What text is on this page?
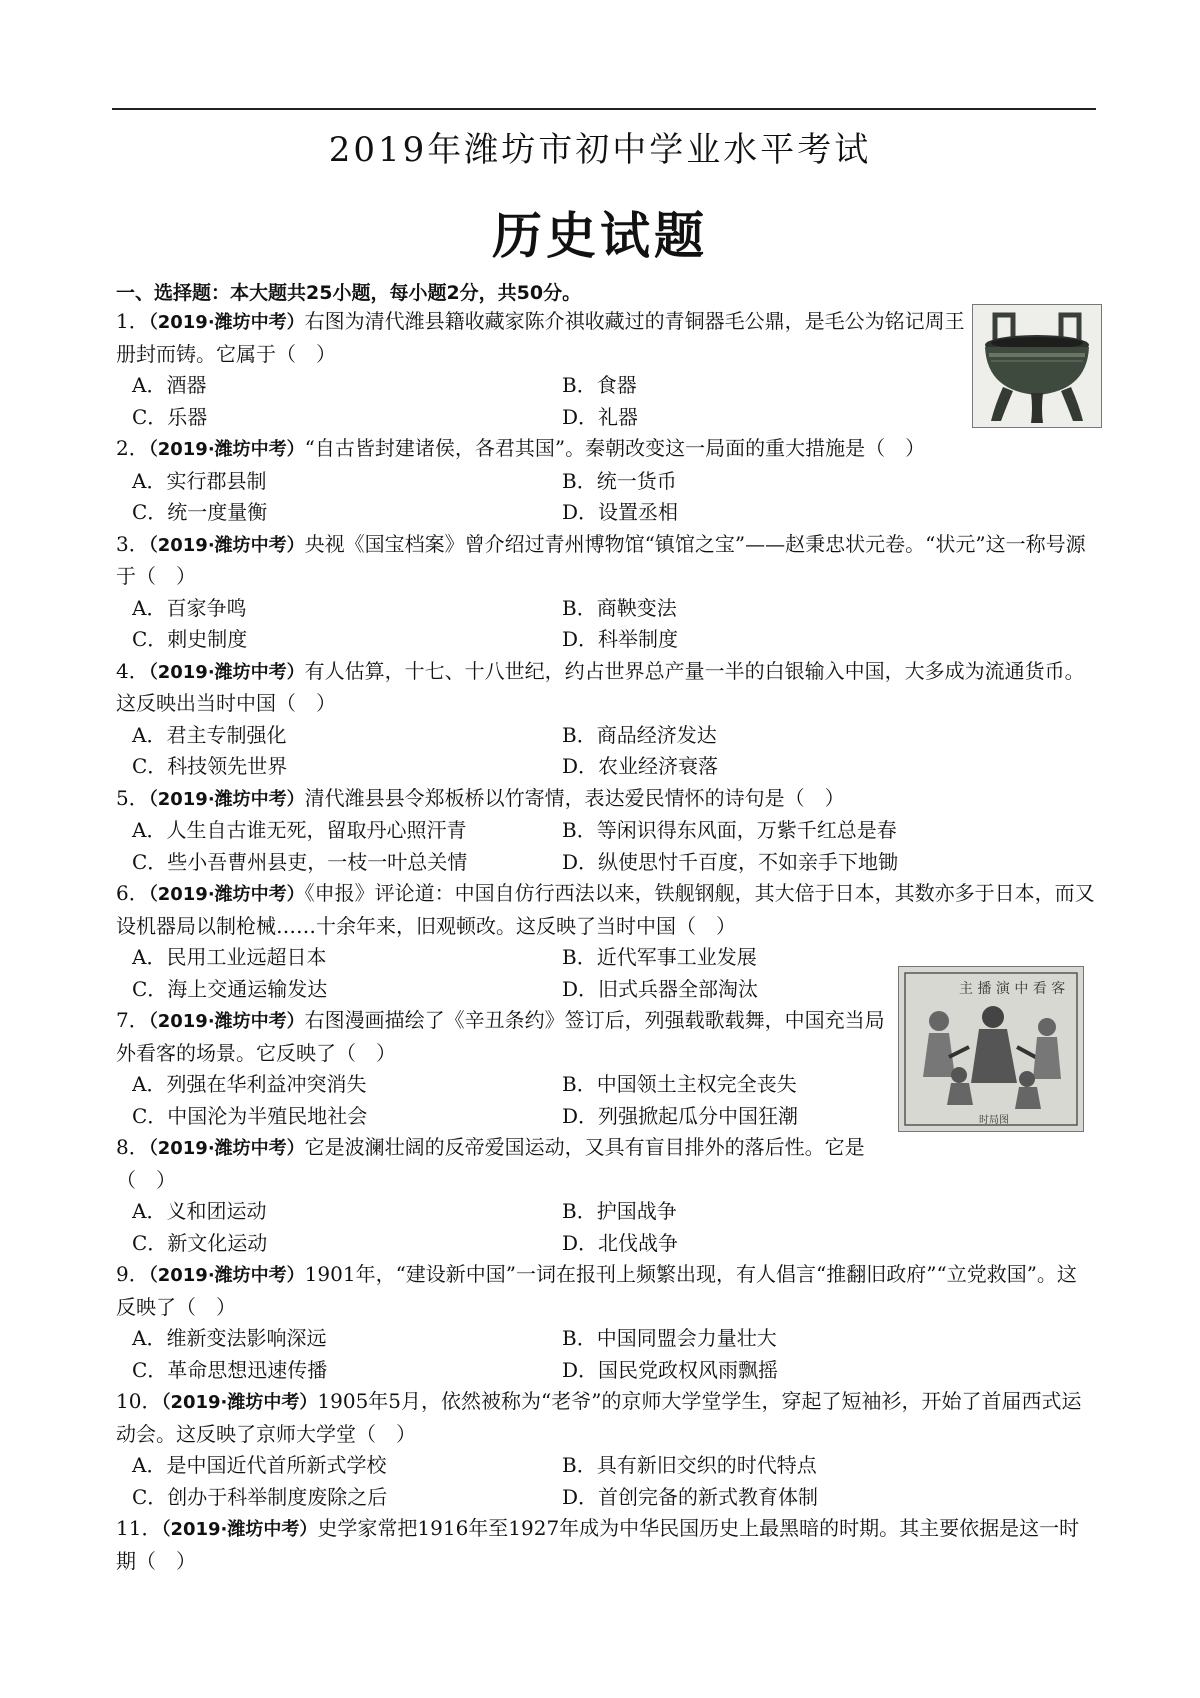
2019年潍坊市初中学业水平考试
历史试题
一、选择题：本大题共25小题，每小题2分，共50分。
主 播 演 中 看 客
时局图
1．（2019·潍坊中考）右图为清代潍县籍收藏家陈介祺收藏过的青铜器毛公鼎，是毛公为铭记周王册封而铸。它属于（　）
A．酒器	B．食器
C．乐器	D．礼器
2．（2019·潍坊中考）“自古皆封建诸侯，各君其国”。秦朝改变这一局面的重大措施是（　）
A．实行郡县制	B．统一货币
C．统一度量衡	D．设置丞相
3．（2019·潍坊中考）央视《国宝档案》曾介绍过青州博物馆“镇馆之宝”——赵秉忠状元卷。“状元”这一称号源于（　）
A．百家争鸣	B．商鞅变法
C．刺史制度	D．科举制度
4．（2019·潍坊中考）有人估算，十七、十八世纪，约占世界总产量一半的白银输入中国，大多成为流通货币。这反映出当时中国（　）
A．君主专制强化	B．商品经济发达
C．科技领先世界	D．农业经济衰落
5．（2019·潍坊中考）清代潍县县令郑板桥以竹寄情，表达爱民情怀的诗句是（　）
A．人生自古谁无死，留取丹心照汗青	B．等闲识得东风面，万紫千红总是春
C．些小吾曹州县吏，一枝一叶总关情	D．纵使思忖千百度，不如亲手下地锄
6．（2019·潍坊中考）《申报》评论道：中国自仿行西法以来，铁舰钢舰，其大倍于日本，其数亦多于日本，而又设机器局以制枪械……十余年来，旧观顿改。这反映了当时中国（　）
A．民用工业远超日本	B．近代军事工业发展
C．海上交通运输发达	D．旧式兵器全部淘汰
7．（2019·潍坊中考）右图漫画描绘了《辛丑条约》签订后，列强载歌载舞，中国充当局外看客的场景。它反映了（　）
A．列强在华利益冲突消失	B．中国领土主权完全丧失
C．中国沦为半殖民地社会	D．列强掀起瓜分中国狂潮
8．（2019·潍坊中考）它是波澜壮阔的反帝爱国运动，又具有盲目排外的落后性。它是（　）
A．义和团运动	B．护国战争
C．新文化运动	D．北伐战争
9．（2019·潍坊中考）1901年，“建设新中国”一词在报刊上频繁出现，有人倡言“推翻旧政府”“立党救国”。这反映了（　）
A．维新变法影响深远	B．中国同盟会力量壮大
C．革命思想迅速传播	D．国民党政权风雨飘摇
10．（2019·潍坊中考）1905年5月，依然被称为“老爷”的京师大学堂学生，穿起了短袖衫，开始了首届西式运动会。这反映了京师大学堂（　）
A．是中国近代首所新式学校	B．具有新旧交织的时代特点
C．创办于科举制度废除之后	D．首创完备的新式教育体制
11．（2019·潍坊中考）史学家常把1916年至1927年成为中华民国历史上最黑暗的时期。其主要依据是这一时期（　）
